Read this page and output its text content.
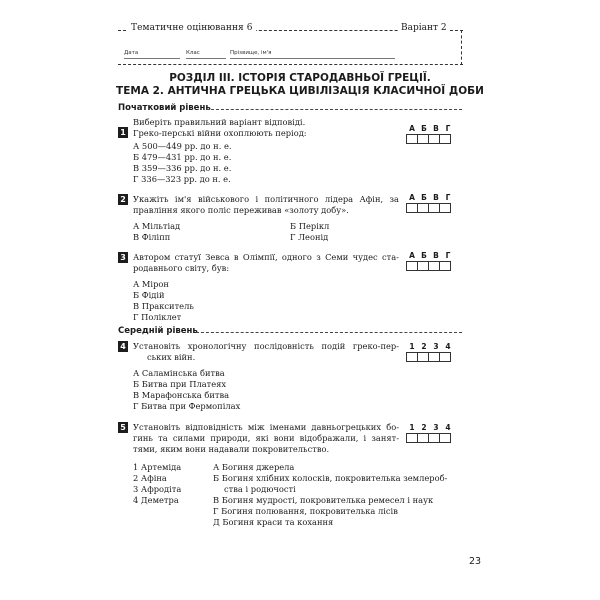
Тематичне оцінювання 6	Варіант 2
Дата	Клас	Прізвище, ім'я
РОЗДІЛ ІІІ. ІСТОРІЯ СТАРОДАВНЬОЇ ГРЕЦІЇ.
ТЕМА 2. АНТИЧНА ГРЕЦЬКА ЦИВІЛІЗАЦІЯ КЛАСИЧНОЇ ДОБИ
Початковий рівень
Виберіть правильний варіант відповіді.
1 Греко-перські війни охоплюють період:
А 500—449 рр. до н. е.
Б 479—431 рр. до н. е.
В 359—336 рр. до н. е.
Г 336—323 рр. до н. е.
А Б В Г
2 Укажіть ім'я військового і політичного лідера Афін, за
правління якого поліс переживав «золоту добу».
А Мільтіад	Б Перікл
В Філіпп	Г Леонід
А Б В Г
3 Автором статуї Зевса в Олімпії, одного з Семи чудес ста-
родавнього світу, був:
А Мірон
Б Фідій
В Пракситель
Г Поліклет
А Б В Г
Середній рівень
4 Установіть хронологічну послідовність подій греко-пер-
ських війн.
А Саламінська битва
Б Битва при Платеях
В Марафонська битва
Г Битва при Фермопілах
1 2 3 4
5 Установіть відповідність між іменами давньогрецьких бо-
гинь та силами природи, які вони відображали, і занят-
тями, яким вони надавали покровительство.
1 2 3 4
1 Артеміда
2 Афіна
3 Афродіта
4 Деметра
А Богиня джерела
Б Богиня хлібних колосків, покровителька землероб-
ства і родючості
В Богиня мудрості, покровителька ремесел і наук
Г Богиня полювання, покровителька лісів
Д Богиня краси та кохання
23
